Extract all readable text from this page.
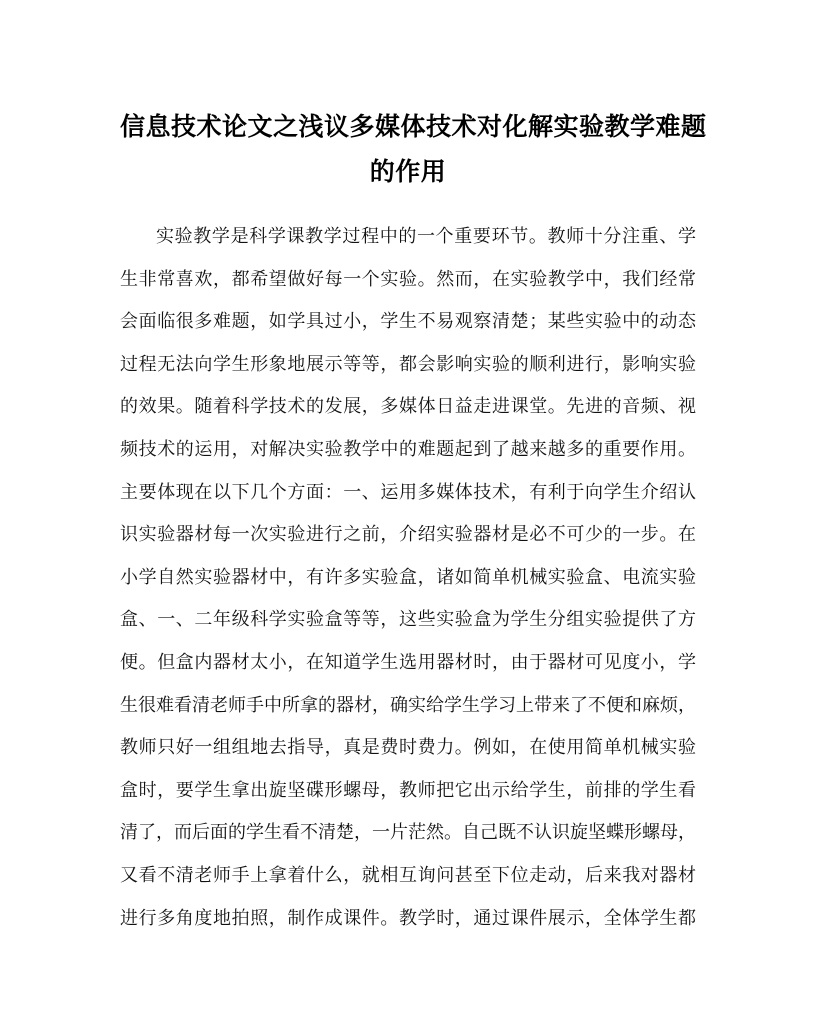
信息技术论文之浅议多媒体技术对化解实验教学难题
的作用
实验教学是科学课教学过程中的一个重要环节。教师十分注重、学
生非常喜欢，都希望做好每一个实验。然而，在实验教学中，我们经常
会面临很多难题，如学具过小，学生不易观察清楚；某些实验中的动态
过程无法向学生形象地展示等等，都会影响实验的顺利进行，影响实验
的效果。随着科学技术的发展，多媒体日益走进课堂。先进的音频、视
频技术的运用，对解决实验教学中的难题起到了越来越多的重要作用。
主要体现在以下几个方面：一、运用多媒体技术，有利于向学生介绍认
识实验器材每一次实验进行之前，介绍实验器材是必不可少的一步。在
小学自然实验器材中，有许多实验盒，诸如简单机械实验盒、电流实验
盒、一、二年级科学实验盒等等，这些实验盒为学生分组实验提供了方
便。但盒内器材太小，在知道学生选用器材时，由于器材可见度小，学
生很难看清老师手中所拿的器材，确实给学生学习上带来了不便和麻烦，
教师只好一组组地去指导，真是费时费力。例如，在使用简单机械实验
盒时，要学生拿出旋坚碟形螺母，教师把它出示给学生，前排的学生看
清了，而后面的学生看不清楚，一片茫然。自己既不认识旋坚蝶形螺母，
又看不清老师手上拿着什么，就相互询问甚至下位走动，后来我对器材
进行多角度地拍照，制作成课件。教学时，通过课件展示，全体学生都
